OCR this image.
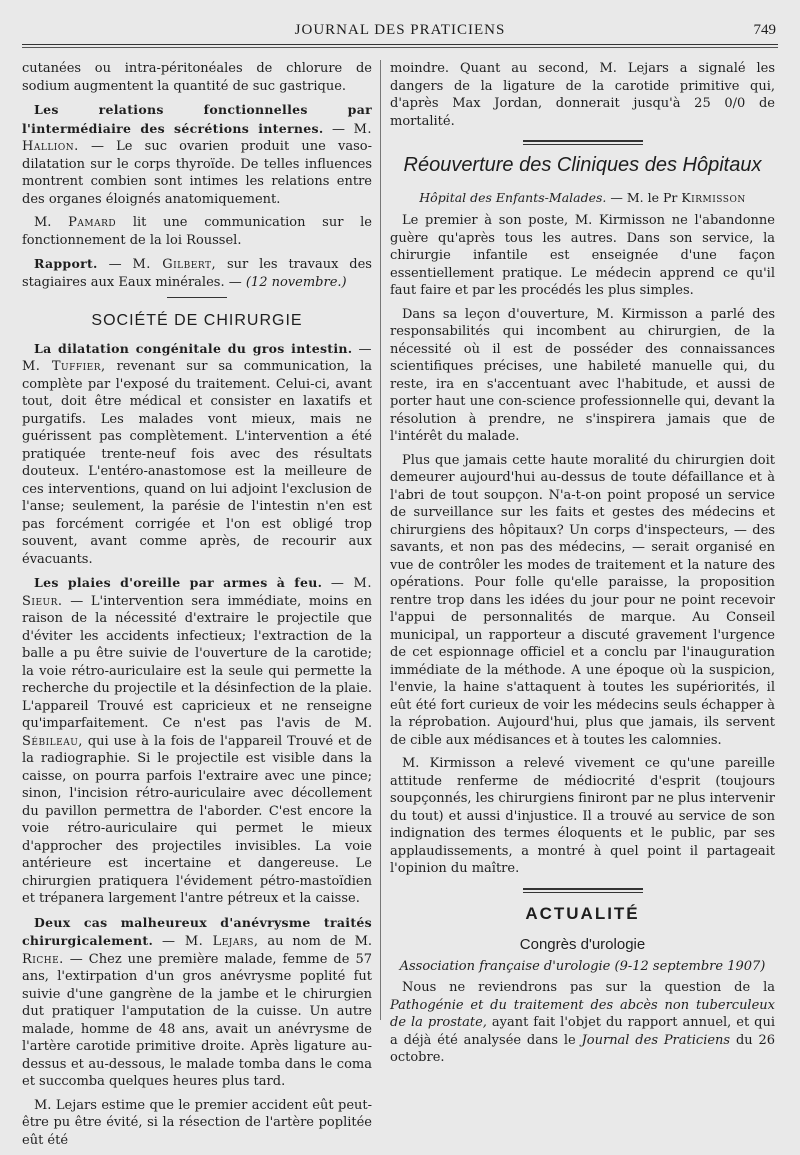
JOURNAL DES PRATICIENS	749

cutanées ou intra-péritonéales de chlorure de sodium augmentent la quantité de suc gastrique.

Les relations fonctionnelles par l'intermédiaire des sécrétions internes. — M. Hallion. — Le suc ovarien produit une vaso-dilatation sur le corps thyroïde. De telles influences montrent combien sont intimes les relations entre des organes éloignés anatomiquement.

M. Pamard lit une communication sur le fonctionnement de la loi Roussel.

Rapport. — M. Gilbert, sur les travaux des stagiaires aux Eaux minérales. — (12 novembre.)

SOCIÉTÉ DE CHIRURGIE

La dilatation congénitale du gros intestin. — M. Tuffier, revenant sur sa communication, la complète par l'exposé du traitement. Celui-ci, avant tout, doit être médical et consister en laxatifs et purgatifs. Les malades vont mieux, mais ne guérissent pas complètement. L'intervention a été pratiquée trente-neuf fois avec des résultats douteux. L'entéro-anastomose est la meilleure de ces interventions, quand on lui adjoint l'exclusion de l'anse; seulement, la parésie de l'intestin n'en est pas forcément corrigée et l'on est obligé trop souvent, avant comme après, de recourir aux évacuants.

Les plaies d'oreille par armes à feu. — M. Sieur. — L'intervention sera immédiate, moins en raison de la nécessité d'extraire le projectile que d'éviter les accidents infectieux; l'extraction de la balle a pu être suivie de l'ouverture de la carotide; la voie rétro-auriculaire est la seule qui permette la recherche du projectile et la désinfection de la plaie. L'appareil Trouvé est capricieux et ne renseigne qu'imparfaitement. Ce n'est pas l'avis de M. Sébileau, qui use à la fois de l'appareil Trouvé et de la radiographie. Si le projectile est visible dans la caisse, on pourra parfois l'extraire avec une pince; sinon, l'incision rétro-auriculaire avec décollement du pavillon permettra de l'aborder. C'est encore la voie rétro-auriculaire qui permet le mieux d'approcher des projectiles invisibles. La voie antérieure est incertaine et dangereuse. Le chirurgien pratiquera l'évidement pétro-mastoïdien et trépanera largement l'antre pétreux et la caisse.

Deux cas malheureux d'anévrysme traités chirurgicalement. — M. Lejars, au nom de M. Riche. — Chez une première malade, femme de 57 ans, l'extirpation d'un gros anévrysme poplité fut suivie d'une gangrène de la jambe et le chirurgien dut pratiquer l'amputation de la cuisse. Un autre malade, homme de 48 ans, avait un anévrysme de l'artère carotide primitive droite. Après ligature au-dessus et au-dessous, le malade tomba dans le coma et succomba quelques heures plus tard.

M. Lejars estime que le premier accident eût peut-être pu être évité, si la résection de l'artère poplitée eût été

moindre. Quant au second, M. Lejars a signalé les dangers de la ligature de la carotide primitive qui, d'après Max Jordan, donnerait jusqu'à 25 0/0 de mortalité.

Réouverture des Cliniques des Hôpitaux

Hôpital des Enfants-Malades. — M. le Pr Kirmisson

Le premier à son poste, M. Kirmisson ne l'abandonne guère qu'après tous les autres. Dans son service, la chirurgie infantile est enseignée d'une façon essentiellement pratique. Le médecin apprend ce qu'il faut faire et par les procédés les plus simples.

Dans sa leçon d'ouverture, M. Kirmisson a parlé des responsabilités qui incombent au chirurgien, de la nécessité où il est de posséder des connaissances scientifiques précises, une habileté manuelle qui, du reste, ira en s'accentuant avec l'habitude, et aussi de porter haut une con-science professionnelle qui, devant la résolution à prendre, ne s'inspirera jamais que de l'intérêt du malade.

Plus que jamais cette haute moralité du chirurgien doit demeurer aujourd'hui au-dessus de toute défaillance et à l'abri de tout soupçon. N'a-t-on point proposé un service de surveillance sur les faits et gestes des médecins et chirurgiens des hôpitaux? Un corps d'inspecteurs, — des savants, et non pas des médecins, — serait organisé en vue de contrôler les modes de traitement et la nature des opérations. Pour folle qu'elle paraisse, la proposition rentre trop dans les idées du jour pour ne point recevoir l'appui de personnalités de marque. Au Conseil municipal, un rapporteur a discuté gravement l'urgence de cet espionnage officiel et a conclu par l'inauguration immédiate de la méthode. A une époque où la suspicion, l'envie, la haine s'attaquent à toutes les supériorités, il eût été fort curieux de voir les médecins seuls échapper à la réprobation. Aujourd'hui, plus que jamais, ils servent de cible aux médisances et à toutes les calomnies.

M. Kirmisson a relevé vivement ce qu'une pareille attitude renferme de médiocrité d'esprit (toujours soupçonnés, les chirurgiens finiront par ne plus intervenir du tout) et aussi d'injustice. Il a trouvé au service de son indignation des termes éloquents et le public, par ses applaudissements, a montré à quel point il partageait l'opinion du maître.

ACTUALITÉ
Congrès d'urologie
Association française d'urologie (9-12 septembre 1907)

Nous ne reviendrons pas sur la question de la Pathogénie et du traitement des abcès non tuberculeux de la prostate, ayant fait l'objet du rapport annuel, et qui a déjà été analysée dans le Journal des Praticiens du 26 octobre.
